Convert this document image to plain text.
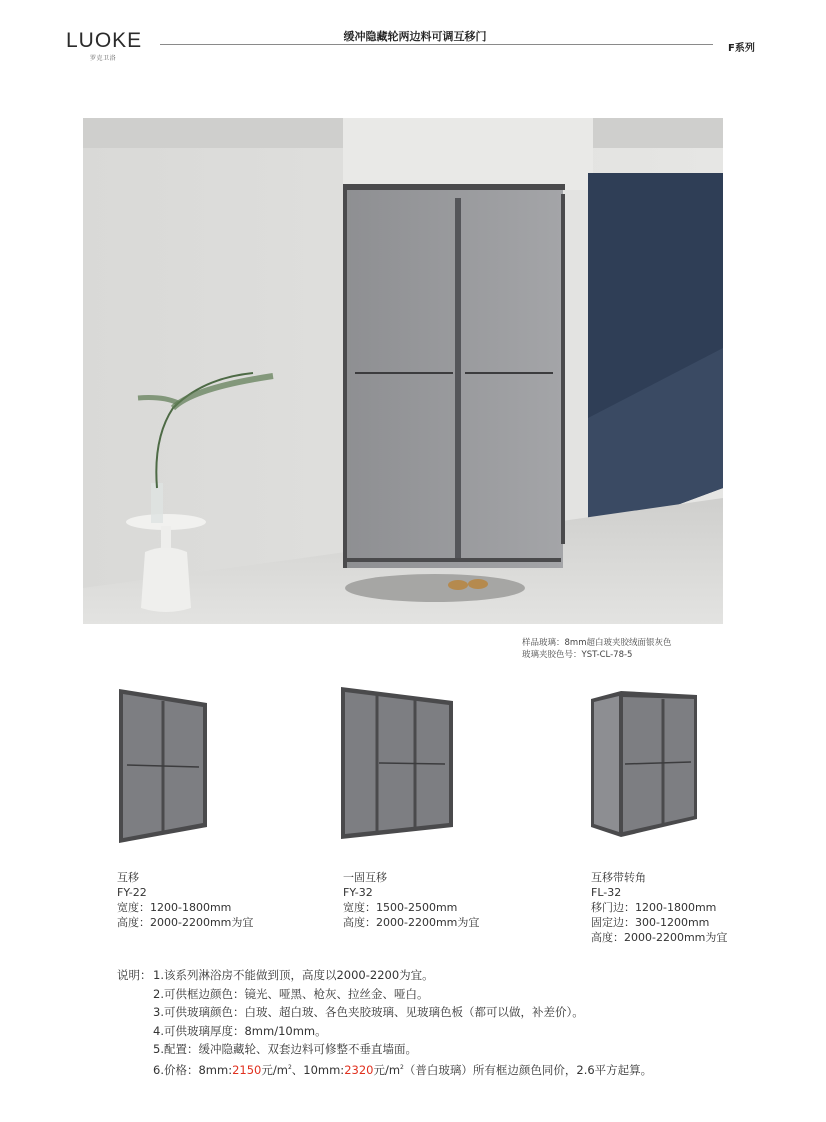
LUOKE
罗克卫浴
缓冲隐藏轮两边料可调互移门
F系列
样品玻璃：8mm超白玻夹胶绒面银灰色
玻璃夹胶色号：YST-CL-78-5
互移
FY-22
宽度：1200-1800mm
高度：2000-2200mm为宜
一固互移
FY-32
宽度：1500-2500mm
高度：2000-2200mm为宜
互移带转角
FL-32
移门边：1200-1800mm
固定边：300-1200mm
高度：2000-2200mm为宜
说明： 1.该系列淋浴房不能做到顶，高度以2000-2200为宜。
2.可供框边颜色：镜光、哑黑、枪灰、拉丝金、哑白。
3.可供玻璃颜色：白玻、超白玻、各色夹胶玻璃、见玻璃色板（都可以做，补差价）。
4.可供玻璃厚度：8mm/10mm。
5.配置：缓冲隐藏轮、双套边料可修整不垂直墙面。
6.价格：8mm:2150元$/m^2$、10mm:2320元$/m^2$（普白玻璃）所有框边颜色同价，2.6平方起算。
